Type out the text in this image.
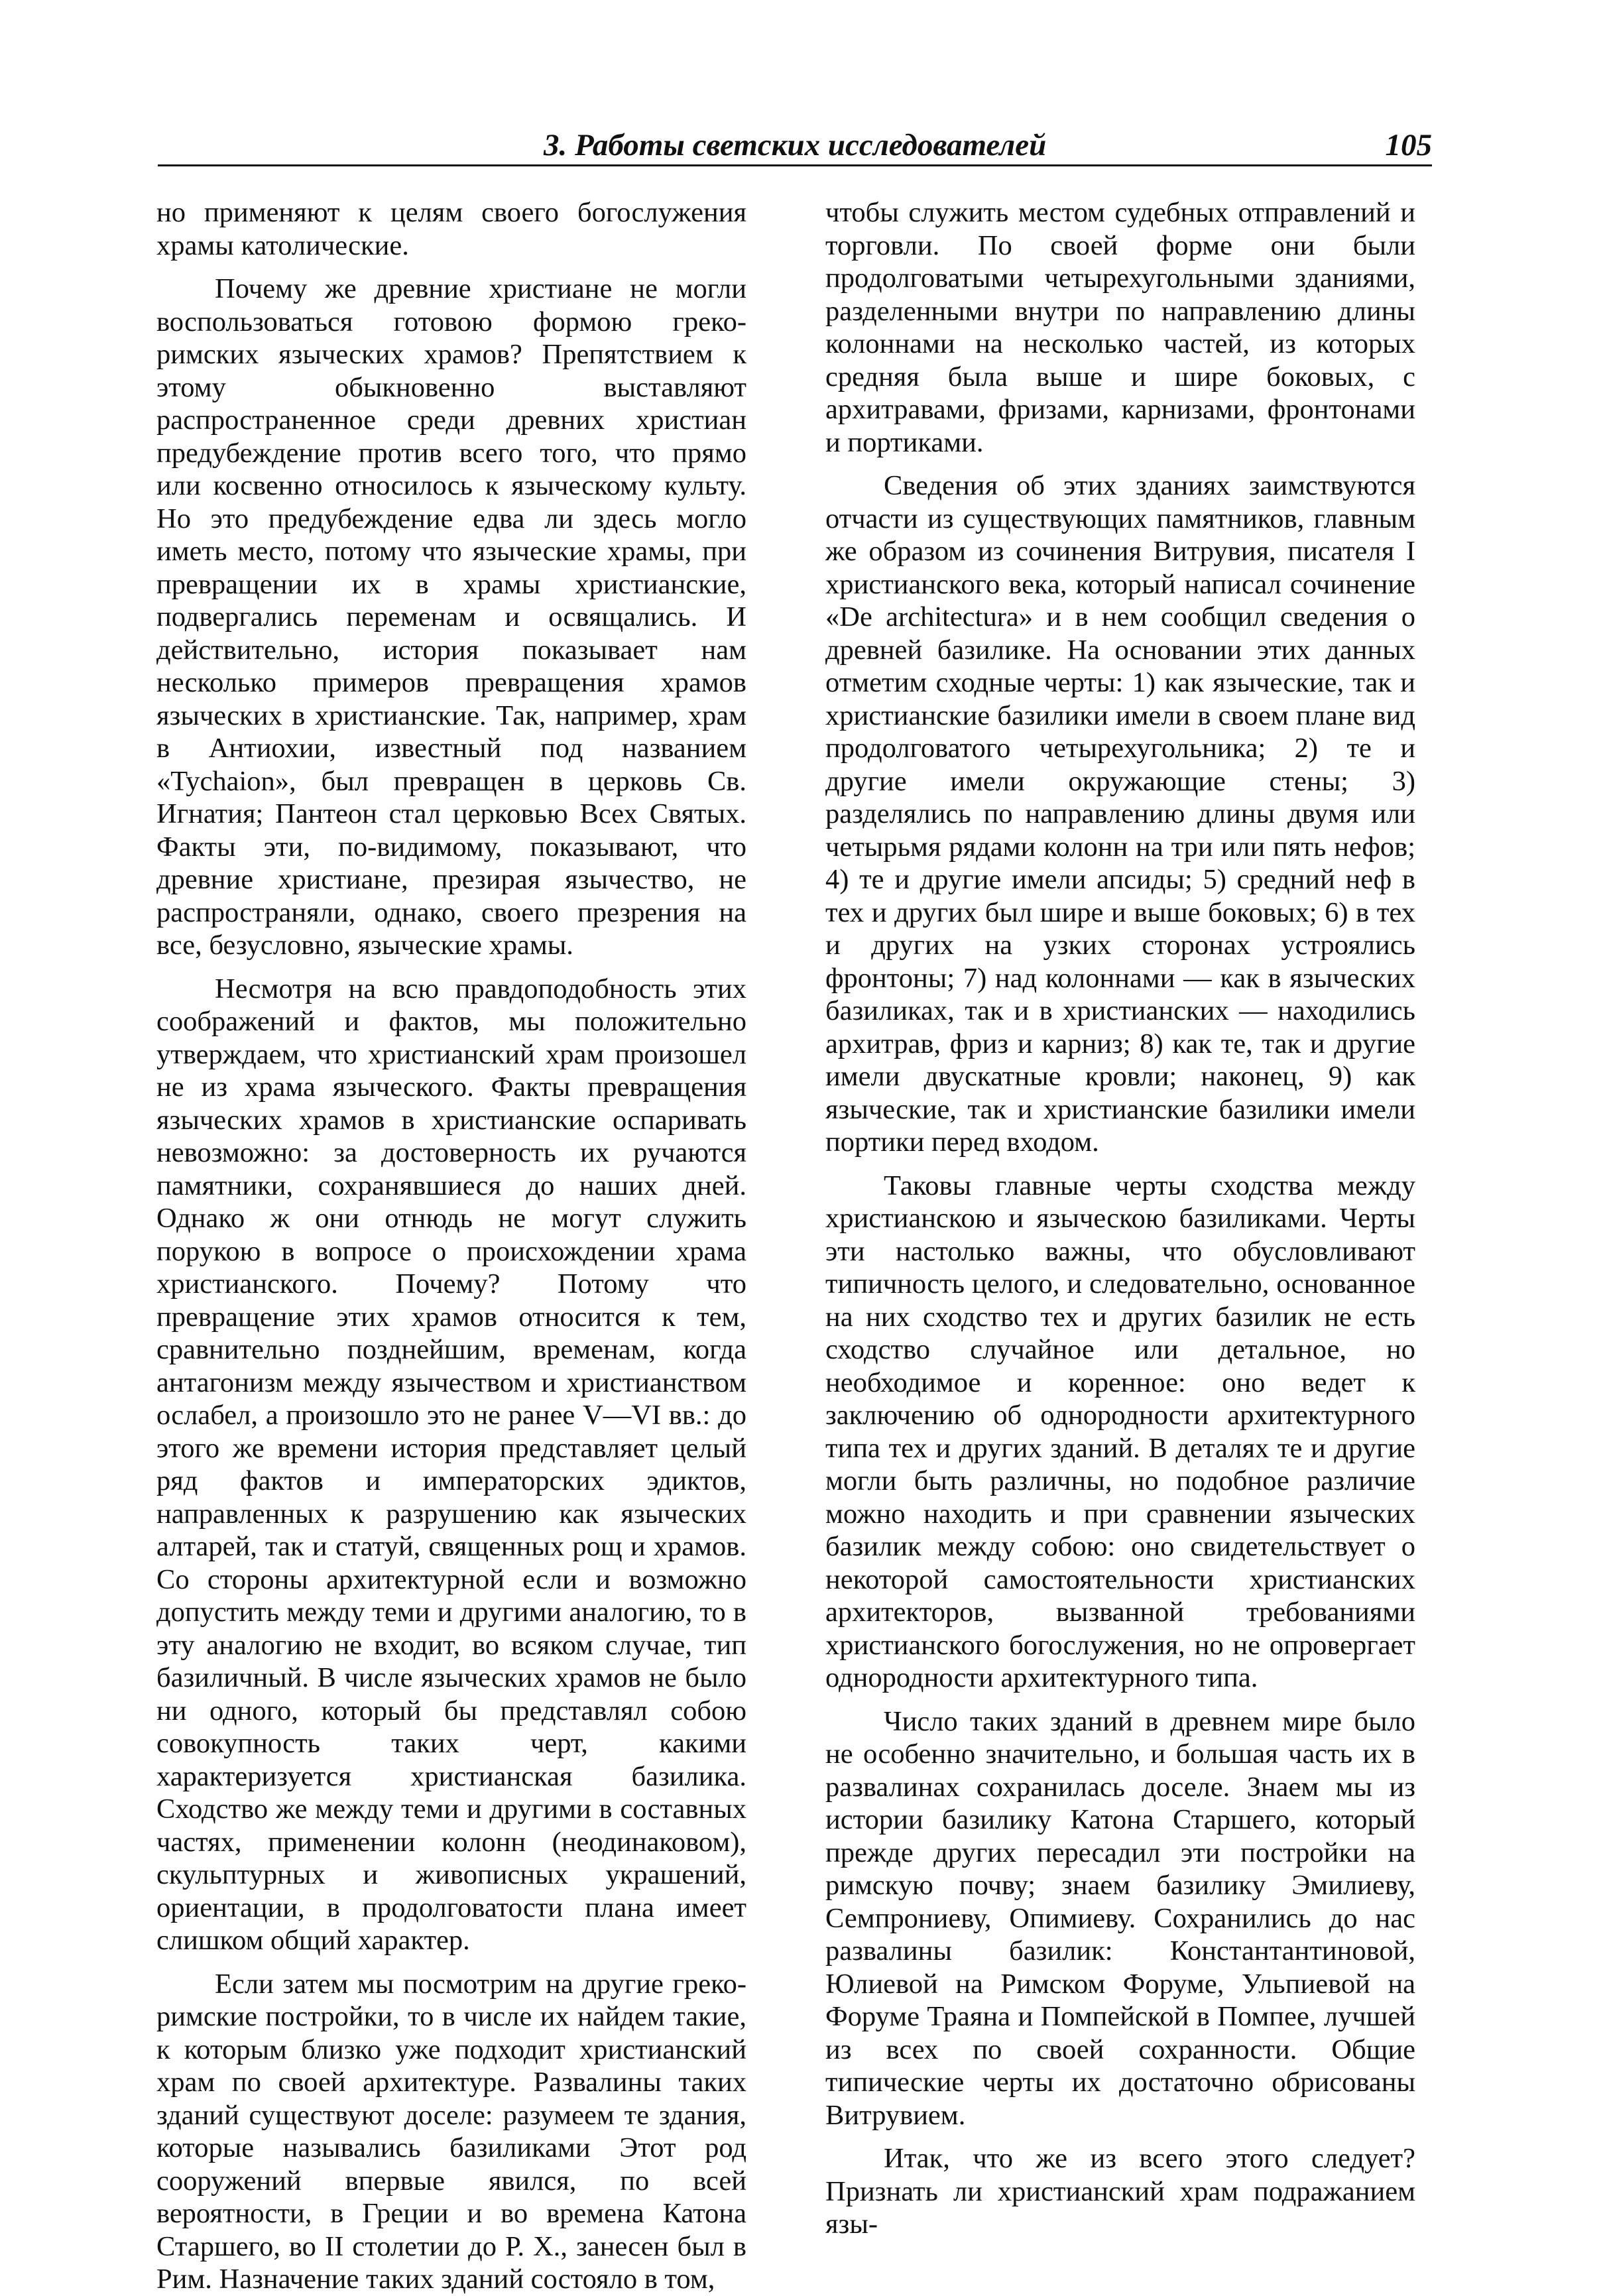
3. Работы светских исследователей	105

но применяют к целям своего богослужения храмы католические.

Почему же древние христиане не могли воспользоваться готовою формою греко-римских языческих храмов? Препятствием к этому обыкновенно выставляют распространенное среди древних христиан предубеждение против всего того, что прямо или косвенно относилось к языческому культу. Но это предубеждение едва ли здесь могло иметь место, потому что языческие храмы, при превращении их в храмы христианские, подвергались переменам и освящались. И действительно, история показывает нам несколько примеров превращения храмов языческих в христианские. Так, например, храм в Антиохии, известный под названием «Tychaion», был превращен в церковь Св. Игнатия; Пантеон стал церковью Всех Святых. Факты эти, по-видимому, показывают, что древние христиане, презирая язычество, не распространяли, однако, своего презрения на все, безусловно, языческие храмы.

Несмотря на всю правдоподобность этих соображений и фактов, мы положительно утверждаем, что христианский храм произошел не из храма языческого. Факты превращения языческих храмов в христианские оспаривать невозможно: за достоверность их ручаются памятники, сохранявшиеся до наших дней. Однако ж они отнюдь не могут служить порукою в вопросе о происхождении храма христианского. Почему? Потому что превращение этих храмов относится к тем, сравнительно позднейшим, временам, когда антагонизм между язычеством и христианством ослабел, а произошло это не ранее V—VI вв.: до этого же времени история представляет целый ряд фактов и императорских эдиктов, направленных к разрушению как языческих алтарей, так и статуй, священных рощ и храмов. Со стороны архитектурной если и возможно допустить между теми и другими аналогию, то в эту аналогию не входит, во всяком случае, тип базиличный. В числе языческих храмов не было ни одного, который бы представлял собою совокупность таких черт, какими характеризуется христианская базилика. Сходство же между теми и другими в составных частях, применении колонн (неодинаковом), скульптурных и живописных украшений, ориентации, в продолговатости плана имеет слишком общий характер.

Если затем мы посмотрим на другие греко-римские постройки, то в числе их найдем такие, к которым близко уже подходит христианский храм по своей архитектуре. Развалины таких зданий существуют доселе: разумеем те здания, которые назывались базиликами Этот род сооружений впервые явился, по всей вероятности, в Греции и во времена Катона Старшего, во II столетии до Р. Х., занесен был в Рим. Назначение таких зданий состояло в том,

чтобы служить местом судебных отправлений и торговли. По своей форме они были продолговатыми четырехугольными зданиями, разделенными внутри по направлению длины колоннами на несколько частей, из которых средняя была выше и шире боковых, с архитравами, фризами, карнизами, фронтонами и портиками.

Сведения об этих зданиях заимствуются отчасти из существующих памятников, главным же образом из сочинения Витрувия, писателя I христианского века, который написал сочинение «De architectura» и в нем сообщил сведения о древней базилике. На основании этих данных отметим сходные черты: 1) как языческие, так и христианские базилики имели в своем плане вид продолговатого четырехугольника; 2) те и другие имели окружающие стены; 3) разделялись по направлению длины двумя или четырьмя рядами колонн на три или пять нефов; 4) те и другие имели апсиды; 5) средний неф в тех и других был шире и выше боковых; 6) в тех и других на узких сторонах устроялись фронтоны; 7) над колоннами — как в языческих базиликах, так и в христианских — находились архитрав, фриз и карниз; 8) как те, так и другие имели двускатные кровли; наконец, 9) как языческие, так и христианские базилики имели портики перед входом.

Таковы главные черты сходства между христианскою и языческою базиликами. Черты эти настолько важны, что обусловливают типичность целого, и следовательно, основанное на них сходство тех и других базилик не есть сходство случайное или детальное, но необходимое и коренное: оно ведет к заключению об однородности архитектурного типа тех и других зданий. В деталях те и другие могли быть различны, но подобное различие можно находить и при сравнении языческих базилик между собою: оно свидетельствует о некоторой самостоятельности христианских архитекторов, вызванной требованиями христианского богослужения, но не опровергает однородности архитектурного типа.

Число таких зданий в древнем мире было не особенно значительно, и большая часть их в развалинах сохранилась доселе. Знаем мы из истории базилику Катона Старшего, который прежде других пересадил эти постройки на римскую почву; знаем базилику Эмилиеву, Семпрониеву, Опимиеву. Сохранились до нас развалины базилик: Константантиновой, Юлиевой на Римском Форуме, Ульпиевой на Форуме Траяна и Помпейской в Помпее, лучшей из всех по своей сохранности. Общие типические черты их достаточно обрисованы Витрувием.

Итак, что же из всего этого следует? Признать ли христианский храм подражанием язы-
